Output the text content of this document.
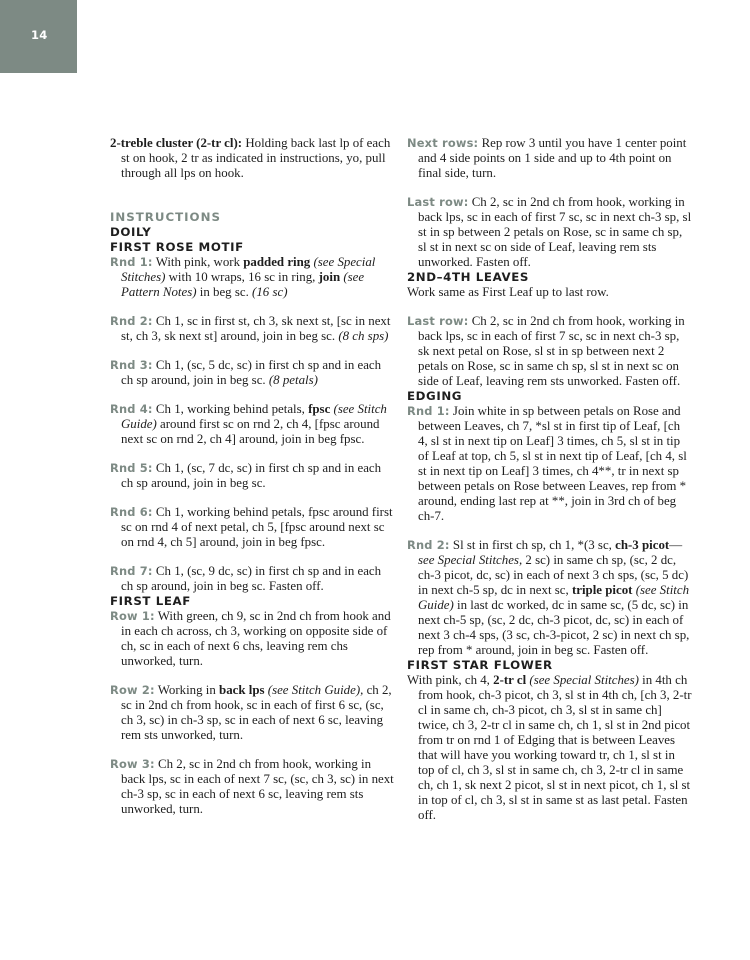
14

2-treble cluster (2-tr cl): Holding back last lp of each st on hook, 2 tr as indicated in instructions, yo, pull through all lps on hook.

INSTRUCTIONS

DOILY

FIRST ROSE MOTIF

Rnd 1: With pink, work padded ring (see Special Stitches) with 10 wraps, 16 sc in ring, join (see Pattern Notes) in beg sc. (16 sc)

Rnd 2: Ch 1, sc in first st, ch 3, sk next st, [sc in next st, ch 3, sk next st] around, join in beg sc. (8 ch sps)

Rnd 3: Ch 1, (sc, 5 dc, sc) in first ch sp and in each ch sp around, join in beg sc. (8 petals)

Rnd 4: Ch 1, working behind petals, fpsc (see Stitch Guide) around first sc on rnd 2, ch 4, [fpsc around next sc on rnd 2, ch 4] around, join in beg fpsc.

Rnd 5: Ch 1, (sc, 7 dc, sc) in first ch sp and in each ch sp around, join in beg sc.

Rnd 6: Ch 1, working behind petals, fpsc around first sc on rnd 4 of next petal, ch 5, [fpsc around next sc on rnd 4, ch 5] around, join in beg fpsc.

Rnd 7: Ch 1, (sc, 9 dc, sc) in first ch sp and in each ch sp around, join in beg sc. Fasten off.

FIRST LEAF

Row 1: With green, ch 9, sc in 2nd ch from hook and in each ch across, ch 3, working on opposite side of ch, sc in each of next 6 chs, leaving rem chs unworked, turn.

Row 2: Working in back lps (see Stitch Guide), ch 2, sc in 2nd ch from hook, sc in each of first 6 sc, (sc, ch 3, sc) in ch-3 sp, sc in each of next 6 sc, leaving rem sts unworked, turn.

Row 3: Ch 2, sc in 2nd ch from hook, working in back lps, sc in each of next 7 sc, (sc, ch 3, sc) in next ch-3 sp, sc in each of next 6 sc, leaving rem sts unworked, turn.

Next rows: Rep row 3 until you have 1 center point and 4 side points on 1 side and up to 4th point on final side, turn.

Last row: Ch 2, sc in 2nd ch from hook, working in back lps, sc in each of first 7 sc, sc in next ch-3 sp, sl st in sp between 2 petals on Rose, sc in same ch sp, sl st in next sc on side of Leaf, leaving rem sts unworked. Fasten off.

2ND–4TH LEAVES

Work same as First Leaf up to last row.

Last row: Ch 2, sc in 2nd ch from hook, working in back lps, sc in each of first 7 sc, sc in next ch-3 sp, sk next petal on Rose, sl st in sp between next 2 petals on Rose, sc in same ch sp, sl st in next sc on side of Leaf, leaving rem sts unworked. Fasten off.

EDGING

Rnd 1: Join white in sp between petals on Rose and between Leaves, ch 7, *sl st in first tip of Leaf, [ch 4, sl st in next tip on Leaf] 3 times, ch 5, sl st in tip of Leaf at top, ch 5, sl st in next tip of Leaf, [ch 4, sl st in next tip on Leaf] 3 times, ch 4**, tr in next sp between petals on Rose between Leaves, rep from * around, ending last rep at **, join in 3rd ch of beg ch-7.

Rnd 2: Sl st in first ch sp, ch 1, *(3 sc, ch-3 picot—see Special Stitches, 2 sc) in same ch sp, (sc, 2 dc, ch-3 picot, dc, sc) in each of next 3 ch sps, (sc, 5 dc) in next ch-5 sp, dc in next sc, triple picot (see Stitch Guide) in last dc worked, dc in same sc, (5 dc, sc) in next ch-5 sp, (sc, 2 dc, ch-3 picot, dc, sc) in each of next 3 ch-4 sps, (3 sc, ch-3-picot, 2 sc) in next ch sp, rep from * around, join in beg sc. Fasten off.

FIRST STAR FLOWER

With pink, ch 4, 2-tr cl (see Special Stitches) in 4th ch from hook, ch-3 picot, ch 3, sl st in 4th ch, [ch 3, 2-tr cl in same ch, ch-3 picot, ch 3, sl st in same ch] twice, ch 3, 2-tr cl in same ch, ch 1, sl st in 2nd picot from tr on rnd 1 of Edging that is between Leaves that will have you working toward tr, ch 1, sl st in top of cl, ch 3, sl st in same ch, ch 3, 2-tr cl in same ch, ch 1, sk next 2 picot, sl st in next picot, ch 1, sl st in top of cl, ch 3, sl st in same st as last petal. Fasten off.
